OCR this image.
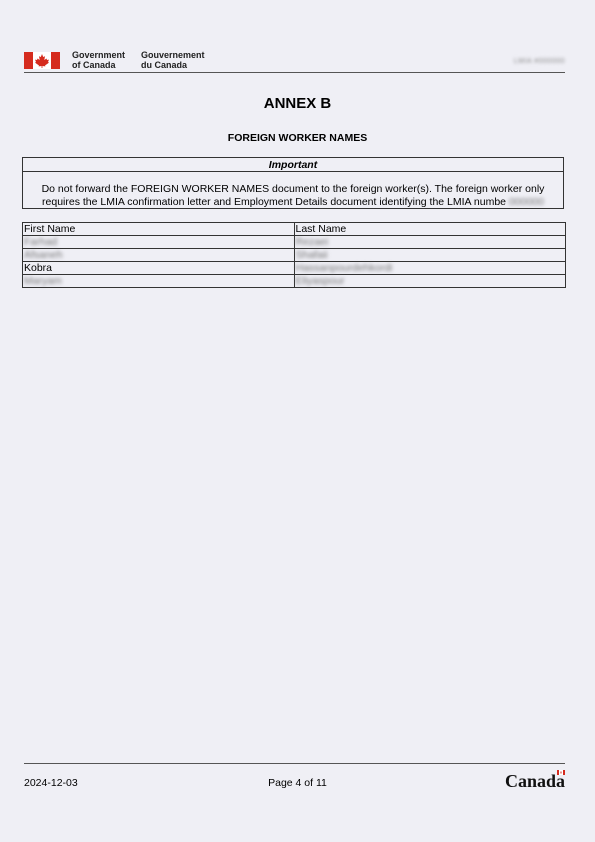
Government
of Canada
Gouvernement
du Canada	LMIA #000000
ANNEX B
FOREIGN WORKER NAMES
Important
Do not forward the FOREIGN WORKER NAMES document to the foreign worker(s). The foreign worker only
requires the LMIA confirmation letter and Employment Details document identifying the LMIA numbe 000000
First Name	Last Name
Farhad	Rezaei
Afsaneh	Shafaii
Kobra	Hassanpourdehkordi
Maryam	Eliyaspour
2024-12-03	Page 4 of 11	Canada
